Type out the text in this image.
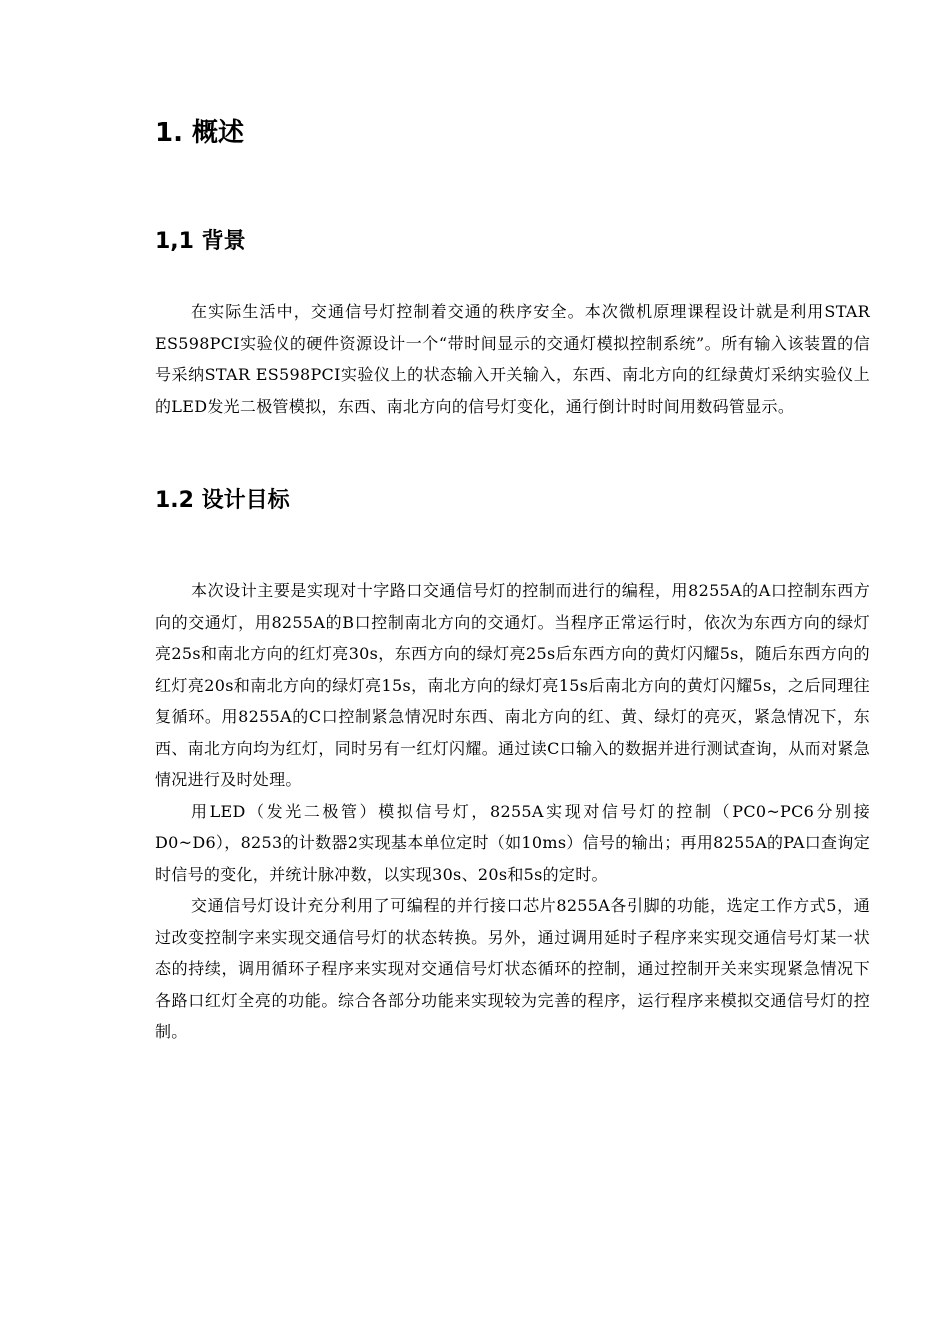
1. 概述
1,1 背景

在实际生活中，交通信号灯控制着交通的秩序安全。本次微机原理课程设计就是利用STAR ES598PCI实验仪的硬件资源设计一个“带时间显示的交通灯模拟控制系统”。所有输入该装置的信号采纳STAR ES598PCI实验仪上的状态输入开关输入，东西、南北方向的红绿黄灯采纳实验仪上的LED发光二极管模拟，东西、南北方向的信号灯变化，通行倒计时时间用数码管显示。

1.2 设计目标

本次设计主要是实现对十字路口交通信号灯的控制而进行的编程，用8255A的A口控制东西方向的交通灯，用8255A的B口控制南北方向的交通灯。当程序正常运行时，依次为东西方向的绿灯亮25s和南北方向的红灯亮30s，东西方向的绿灯亮25s后东西方向的黄灯闪耀5s，随后东西方向的红灯亮20s和南北方向的绿灯亮15s，南北方向的绿灯亮15s后南北方向的黄灯闪耀5s，之后同理往复循环。用8255A的C口控制紧急情况时东西、南北方向的红、黄、绿灯的亮灭，紧急情况下，东西、南北方向均为红灯，同时另有一红灯闪耀。通过读C口输入的数据并进行测试查询，从而对紧急情况进行及时处理。

用LED（发光二极管）模拟信号灯，8255A实现对信号灯的控制（PC0~PC6分别接D0~D6），8253的计数器2实现基本单位定时（如10ms）信号的输出；再用8255A的PA口查询定时信号的变化，并统计脉冲数，以实现30s、20s和5s的定时。

交通信号灯设计充分利用了可编程的并行接口芯片8255A各引脚的功能，选定工作方式5，通过改变控制字来实现交通信号灯的状态转换。另外，通过调用延时子程序来实现交通信号灯某一状态的持续，调用循环子程序来实现对交通信号灯状态循环的控制，通过控制开关来实现紧急情况下各路口红灯全亮的功能。综合各部分功能来实现较为完善的程序，运行程序来模拟交通信号灯的控制。
